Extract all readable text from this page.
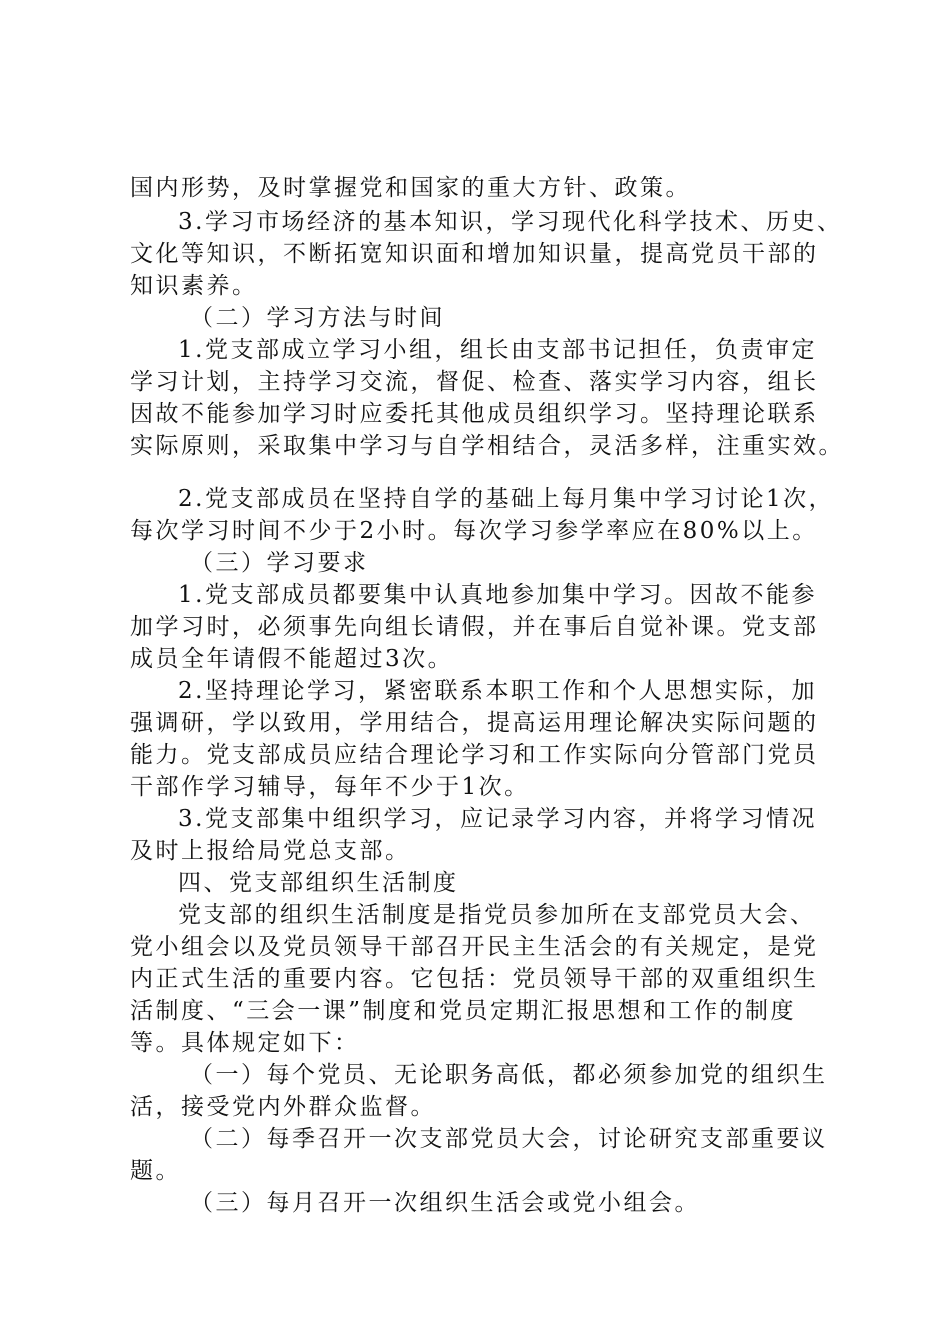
国内形势，及时掌握党和国家的重大方针、政策。
3.学习市场经济的基本知识，学习现代化科学技术、历史、
文化等知识，不断拓宽知识面和增加知识量，提高党员干部的
知识素养。
（二）学习方法与时间
1.党支部成立学习小组，组长由支部书记担任，负责审定
学习计划，主持学习交流，督促、检查、落实学习内容，组长
因故不能参加学习时应委托其他成员组织学习。坚持理论联系
实际原则，采取集中学习与自学相结合，灵活多样，注重实效。
2.党支部成员在坚持自学的基础上每月集中学习讨论1次，
每次学习时间不少于2小时。每次学习参学率应在80%以上。
（三）学习要求
1.党支部成员都要集中认真地参加集中学习。因故不能参
加学习时，必须事先向组长请假，并在事后自觉补课。党支部
成员全年请假不能超过3次。
2.坚持理论学习，紧密联系本职工作和个人思想实际，加
强调研，学以致用，学用结合，提高运用理论解决实际问题的
能力。党支部成员应结合理论学习和工作实际向分管部门党员
干部作学习辅导，每年不少于1次。
3.党支部集中组织学习，应记录学习内容，并将学习情况
及时上报给局党总支部。
四、党支部组织生活制度
党支部的组织生活制度是指党员参加所在支部党员大会、
党小组会以及党员领导干部召开民主生活会的有关规定，是党
内正式生活的重要内容。它包括：党员领导干部的双重组织生
活制度、“三会一课”制度和党员定期汇报思想和工作的制度
等。具体规定如下：
（一）每个党员、无论职务高低，都必须参加党的组织生
活，接受党内外群众监督。
（二）每季召开一次支部党员大会，讨论研究支部重要议
题。
（三）每月召开一次组织生活会或党小组会。
